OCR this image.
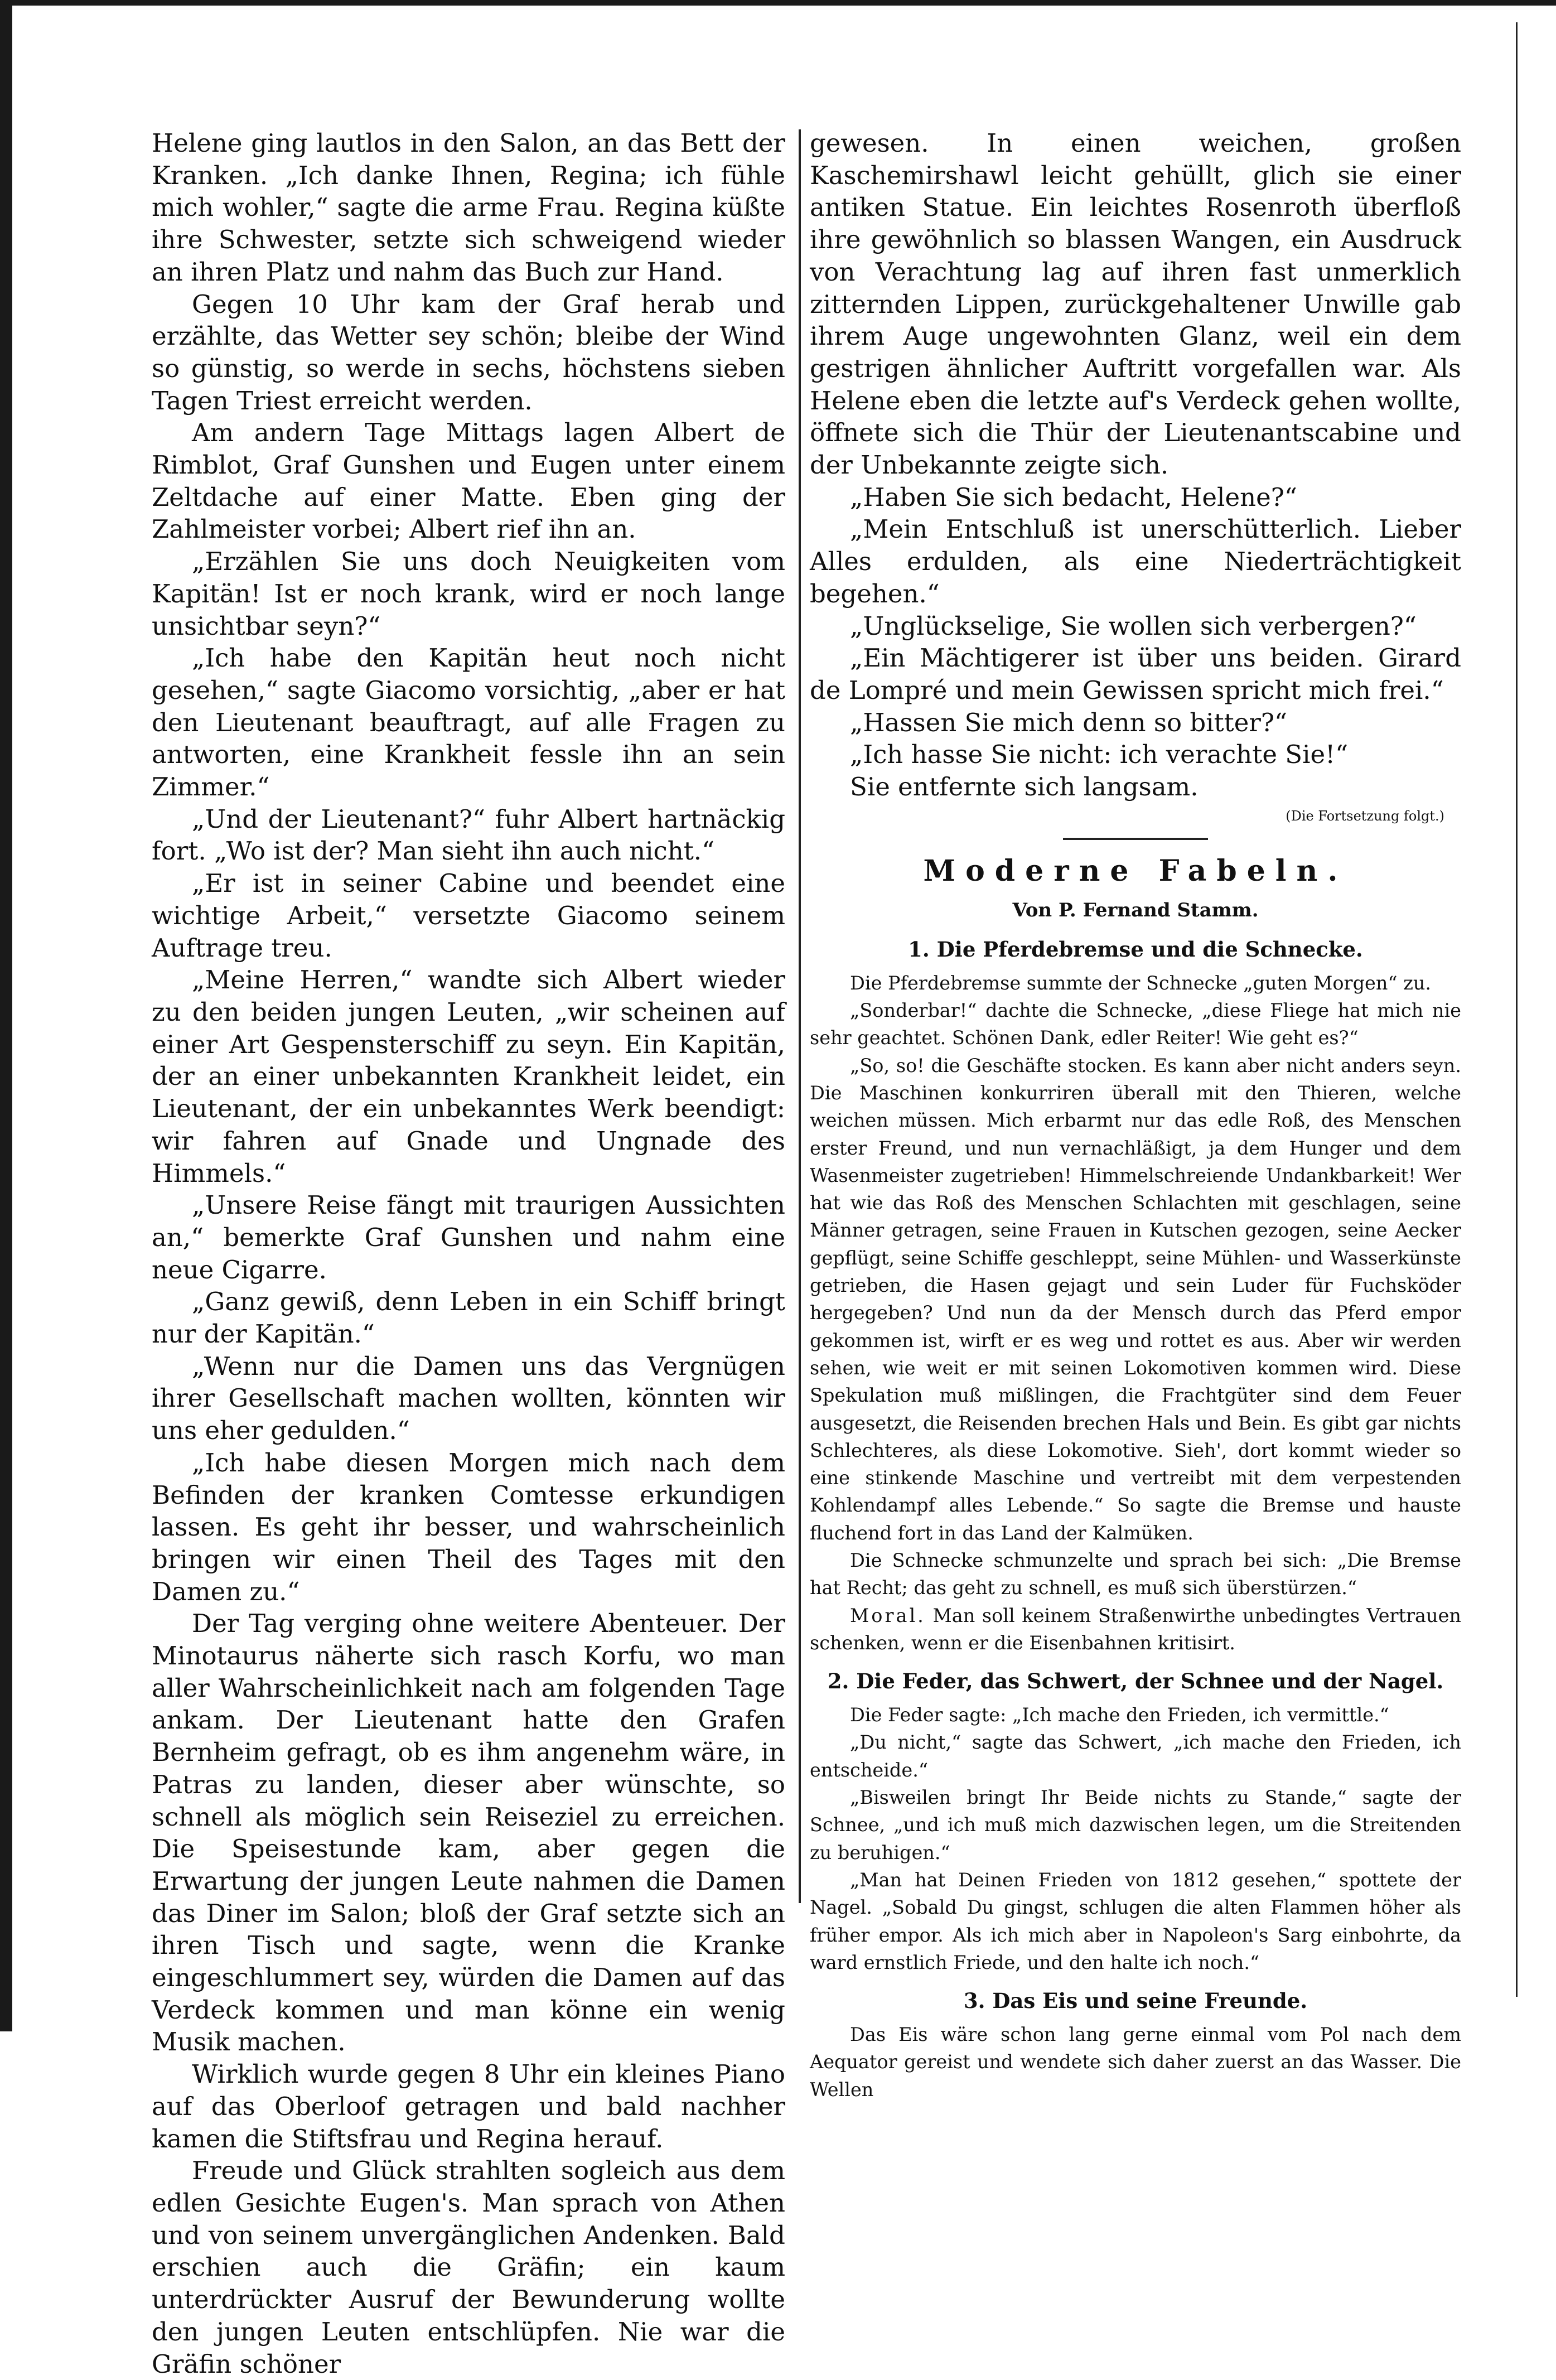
Helene ging lautlos in den Salon, an das Bett der Kranken. „Ich danke Ihnen, Regina; ich fühle mich wohler,“ sagte die arme Frau. Regina küßte ihre Schwester, setzte sich schweigend wieder an ihren Platz und nahm das Buch zur Hand.

Gegen 10 Uhr kam der Graf herab und erzählte, das Wetter sey schön; bleibe der Wind so günstig, so werde in sechs, höchstens sieben Tagen Triest erreicht werden.

Am andern Tage Mittags lagen Albert de Rimblot, Graf Gunshen und Eugen unter einem Zeltdache auf einer Matte. Eben ging der Zahlmeister vorbei; Albert rief ihn an.

„Erzählen Sie uns doch Neuigkeiten vom Kapitän! Ist er noch krank, wird er noch lange unsichtbar seyn?“

„Ich habe den Kapitän heut noch nicht gesehen,“ sagte Giacomo vorsichtig, „aber er hat den Lieutenant beauftragt, auf alle Fragen zu antworten, eine Krankheit fessle ihn an sein Zimmer.“

„Und der Lieutenant?“ fuhr Albert hartnäckig fort. „Wo ist der? Man sieht ihn auch nicht.“

„Er ist in seiner Cabine und beendet eine wichtige Arbeit,“ versetzte Giacomo seinem Auftrage treu.

„Meine Herren,“ wandte sich Albert wieder zu den beiden jungen Leuten, „wir scheinen auf einer Art Gespensterschiff zu seyn. Ein Kapitän, der an einer unbekannten Krankheit leidet, ein Lieutenant, der ein unbekanntes Werk beendigt: wir fahren auf Gnade und Ungnade des Himmels.“

„Unsere Reise fängt mit traurigen Aussichten an,“ bemerkte Graf Gunshen und nahm eine neue Cigarre.

„Ganz gewiß, denn Leben in ein Schiff bringt nur der Kapitän.“

„Wenn nur die Damen uns das Vergnügen ihrer Gesellschaft machen wollten, könnten wir uns eher gedulden.“

„Ich habe diesen Morgen mich nach dem Befinden der kranken Comtesse erkundigen lassen. Es geht ihr besser, und wahrscheinlich bringen wir einen Theil des Tages mit den Damen zu.“

Der Tag verging ohne weitere Abenteuer. Der Minotaurus näherte sich rasch Korfu, wo man aller Wahrscheinlichkeit nach am folgenden Tage ankam. Der Lieutenant hatte den Grafen Bernheim gefragt, ob es ihm angenehm wäre, in Patras zu landen, dieser aber wünschte, so schnell als möglich sein Reiseziel zu erreichen. Die Speisestunde kam, aber gegen die Erwartung der jungen Leute nahmen die Damen das Diner im Salon; bloß der Graf setzte sich an ihren Tisch und sagte, wenn die Kranke eingeschlummert sey, würden die Damen auf das Verdeck kommen und man könne ein wenig Musik machen.

Wirklich wurde gegen 8 Uhr ein kleines Piano auf das Oberloof getragen und bald nachher kamen die Stiftsfrau und Regina herauf.

Freude und Glück strahlten sogleich aus dem edlen Gesichte Eugen's. Man sprach von Athen und von seinem unvergänglichen Andenken. Bald erschien auch die Gräfin; ein kaum unterdrückter Ausruf der Bewunderung wollte den jungen Leuten entschlüpfen. Nie war die Gräfin schöner

gewesen. In einen weichen, großen Kaschemirshawl leicht gehüllt, glich sie einer antiken Statue. Ein leichtes Rosenroth überfloß ihre gewöhnlich so blassen Wangen, ein Ausdruck von Verachtung lag auf ihren fast unmerklich zitternden Lippen, zurückgehaltener Unwille gab ihrem Auge ungewohnten Glanz, weil ein dem gestrigen ähnlicher Auftritt vorgefallen war. Als Helene eben die letzte auf's Verdeck gehen wollte, öffnete sich die Thür der Lieutenantscabine und der Unbekannte zeigte sich.

„Haben Sie sich bedacht, Helene?“

„Mein Entschluß ist unerschütterlich. Lieber Alles erdulden, als eine Niederträchtigkeit begehen.“

„Unglückselige, Sie wollen sich verbergen?“

„Ein Mächtigerer ist über uns beiden. Girard de Lompré und mein Gewissen spricht mich frei.“

„Hassen Sie mich denn so bitter?“

„Ich hasse Sie nicht: ich verachte Sie!“

Sie entfernte sich langsam.

(Die Fortsetzung folgt.)
Moderne Fabeln.
Von P. Fernand Stamm.
1. Die Pferdebremse und die Schnecke.

Die Pferdebremse summte der Schnecke „guten Morgen“ zu.

„Sonderbar!“ dachte die Schnecke, „diese Fliege hat mich nie sehr geachtet. Schönen Dank, edler Reiter! Wie geht es?“

„So, so! die Geschäfte stocken. Es kann aber nicht anders seyn. Die Maschinen konkurriren überall mit den Thieren, welche weichen müssen. Mich erbarmt nur das edle Roß, des Menschen erster Freund, und nun vernachläßigt, ja dem Hunger und dem Wasenmeister zugetrieben! Himmelschreiende Undankbarkeit! Wer hat wie das Roß des Menschen Schlachten mit geschlagen, seine Männer getragen, seine Frauen in Kutschen gezogen, seine Aecker gepflügt, seine Schiffe geschleppt, seine Mühlen- und Wasserkünste getrieben, die Hasen gejagt und sein Luder für Fuchsköder hergegeben? Und nun da der Mensch durch das Pferd empor gekommen ist, wirft er es weg und rottet es aus. Aber wir werden sehen, wie weit er mit seinen Lokomotiven kommen wird. Diese Spekulation muß mißlingen, die Frachtgüter sind dem Feuer ausgesetzt, die Reisenden brechen Hals und Bein. Es gibt gar nichts Schlechteres, als diese Lokomotive. Sieh', dort kommt wieder so eine stinkende Maschine und vertreibt mit dem verpestenden Kohlendampf alles Lebende.“ So sagte die Bremse und hauste fluchend fort in das Land der Kalmüken.

Die Schnecke schmunzelte und sprach bei sich: „Die Bremse hat Recht; das geht zu schnell, es muß sich überstürzen.“

Moral. Man soll keinem Straßenwirthe unbedingtes Vertrauen schenken, wenn er die Eisenbahnen kritisirt.

2. Die Feder, das Schwert, der Schnee und der Nagel.

Die Feder sagte: „Ich mache den Frieden, ich vermittle.“

„Du nicht,“ sagte das Schwert, „ich mache den Frieden, ich entscheide.“

„Bisweilen bringt Ihr Beide nichts zu Stande,“ sagte der Schnee, „und ich muß mich dazwischen legen, um die Streitenden zu beruhigen.“

„Man hat Deinen Frieden von 1812 gesehen,“ spottete der Nagel. „Sobald Du gingst, schlugen die alten Flammen höher als früher empor. Als ich mich aber in Napoleon's Sarg einbohrte, da ward ernstlich Friede, und den halte ich noch.“

3. Das Eis und seine Freunde.

Das Eis wäre schon lang gerne einmal vom Pol nach dem Aequator gereist und wendete sich daher zuerst an das Wasser. Die Wellen
